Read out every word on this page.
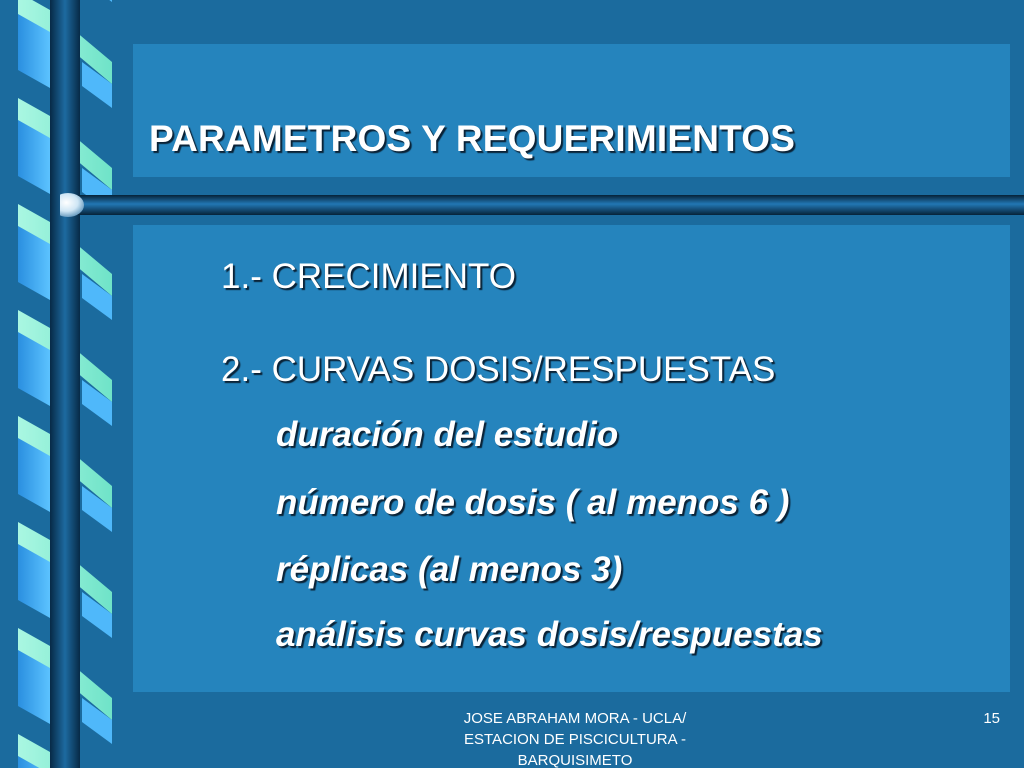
PARAMETROS Y REQUERIMIENTOS

1.- CRECIMIENTO

2.- CURVAS DOSIS/RESPUESTAS

duración del estudio

número de dosis ( al menos 6 )

réplicas (al menos 3)

análisis curvas dosis/respuestas

JOSE ABRAHAM MORA - UCLA/
ESTACION DE PISCICULTURA -
BARQUISIMETO
15
